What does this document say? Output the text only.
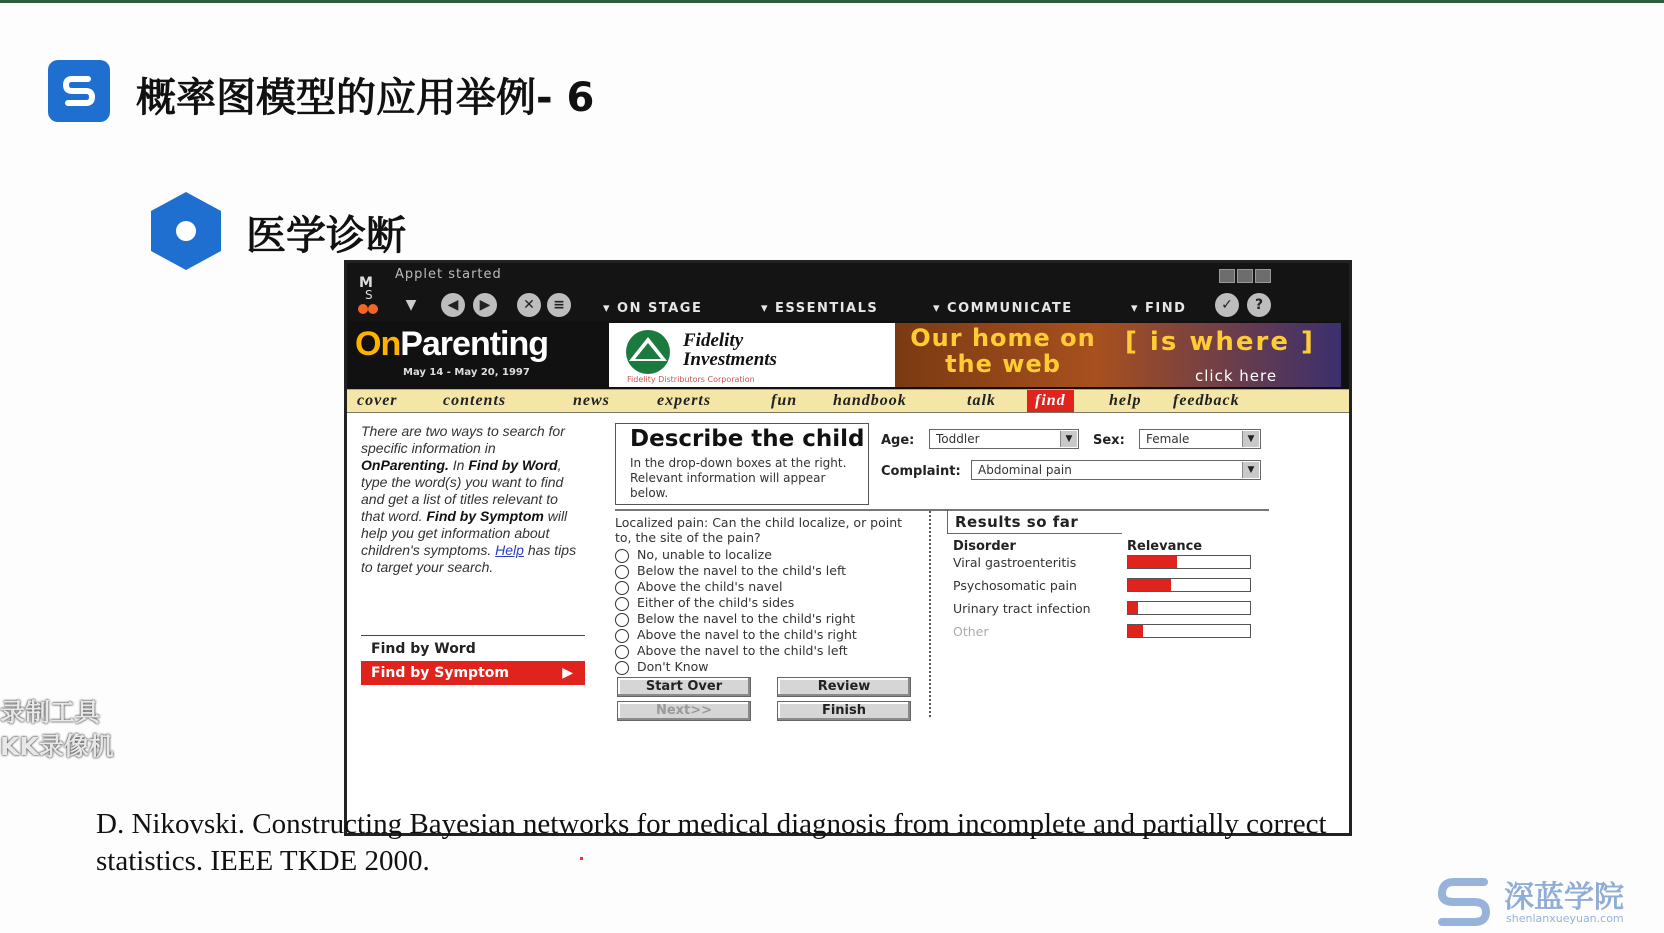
概率图模型的应用举例- 6
医学诊断
M
S
Applet started
▼	◀	▶	✕	≡	▾ ON STAGE	▾ ESSENTIALS	▾ COMMUNICATE	▾ FIND	✓	?
OnParenting
May 14 - May 20, 1997
Fidelity
Investments
Fidelity Distributors Corporation
Our home on
the web
[ is where ]
click here
cover	contents	news	experts	fun handbook	talk	find	help feedback
There are two ways to search for specific information in OnParenting. In Find by Word, type the word(s) you want to find and get a list of titles relevant to that word. Find by Symptom will help you get information about children's symptoms. Help has tips to target your search.
Find by Word
Find by Symptom	▶
Describe the child
In the drop-down boxes at the right. Relevant information will appear below.
Age:	Toddler	▼	Sex:	Female	▼
Complaint:	Abdominal pain	▼
Localized pain: Can the child localize, or point to, the site of the pain?
No, unable to localize
Below the navel to the child's left
Above the child's navel
Either of the child's sides
Below the navel to the child's right
Above the navel to the child's right
Above the navel to the child's left
Don't Know
Start Over	Review
Next>>	Finish
Results so far
Disorder	Relevance
Viral gastroenteritis
Psychosomatic pain
Urinary tract infection
Other
D. Nikovski. Constructing Bayesian networks for medical diagnosis from incomplete and partially correct
statistics. IEEE TKDE 2000.
录制工具
KK录像机
深蓝学院
shenlanxueyuan.com
